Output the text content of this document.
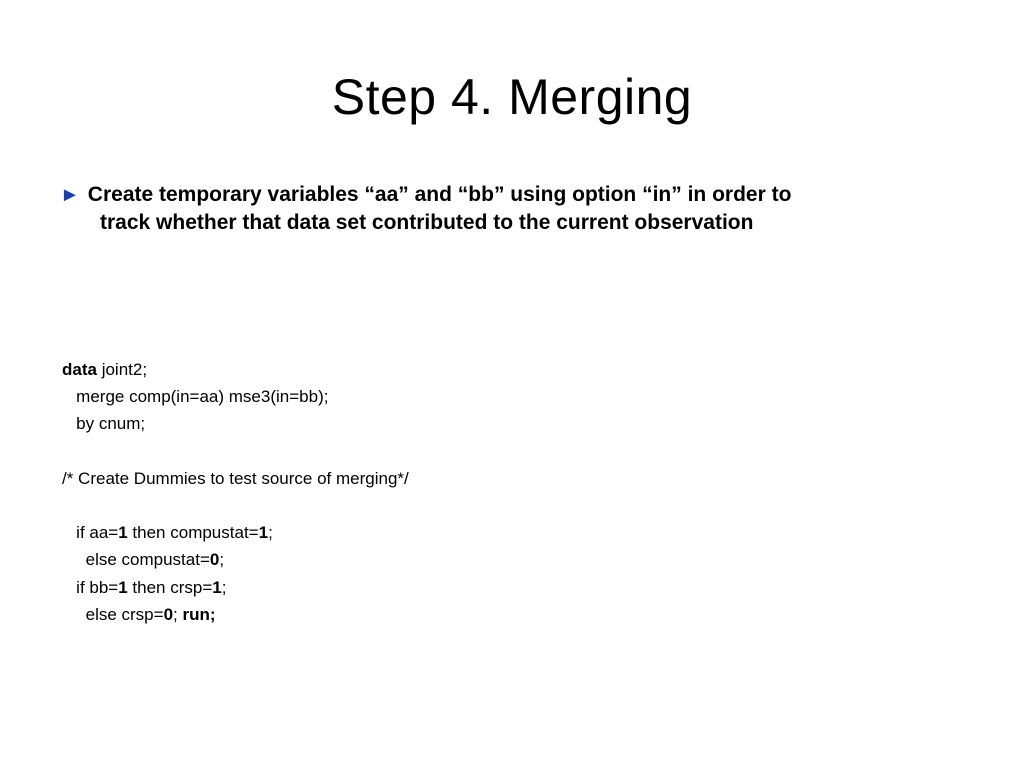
Step 4. Merging
► Create temporary variables “aa” and “bb” using option “in” in order to
track whether that data set contributed to the current observation
data joint2;
merge comp(in=aa) mse3(in=bb);
by cnum;
/* Create Dummies to test source of merging*/
if aa=1 then compustat=1;
else compustat=0;
if bb=1 then crsp=1;
else crsp=0; run;
